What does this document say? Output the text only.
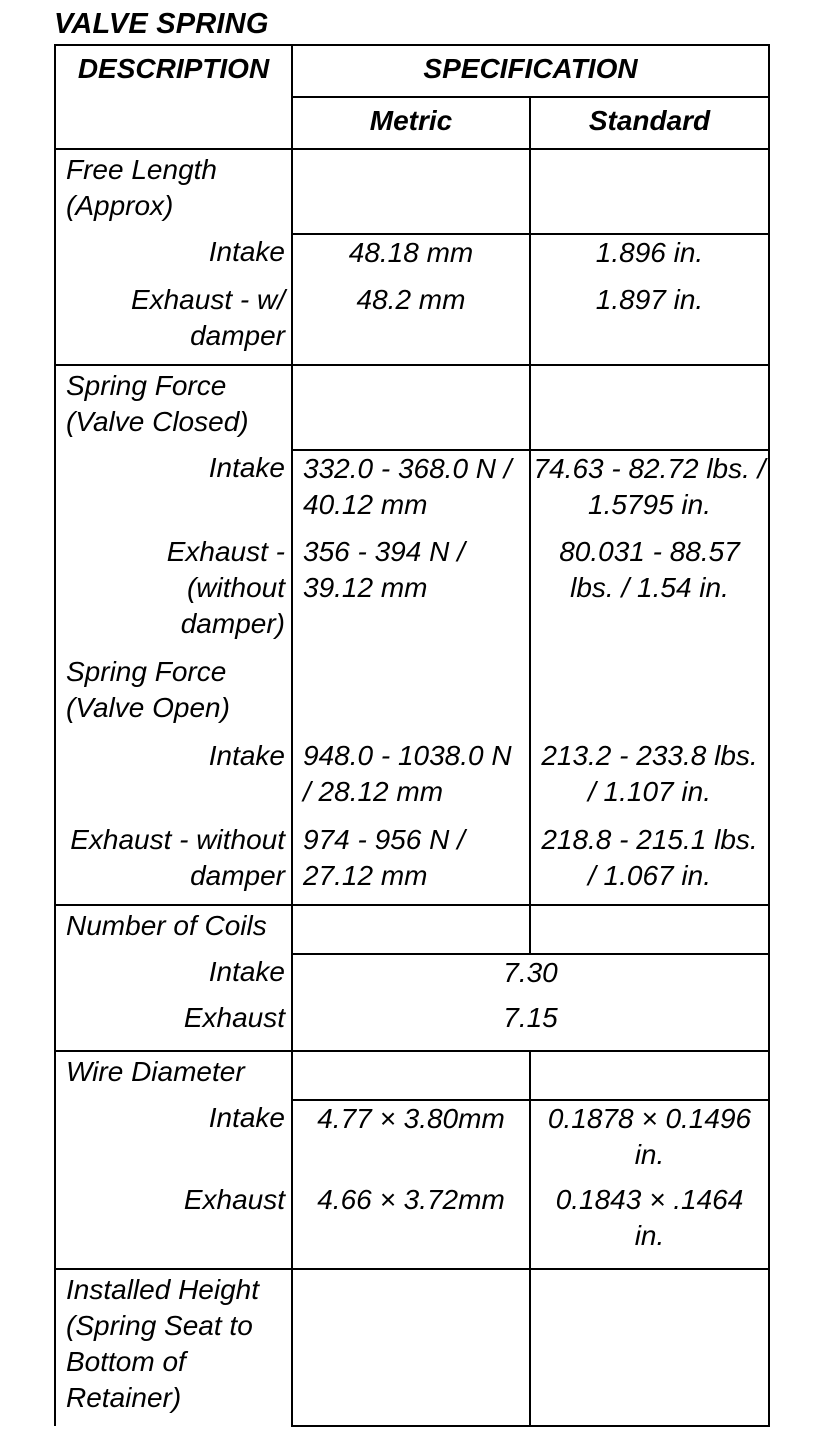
VALVE SPRING
DESCRIPTION	SPECIFICATION	
	Metric	Standard

Free Length (Approx)		

Intake	48.18 mm	1.896 in.

Exhaust - w/ damper	48.2 mm	1.897 in.

Spring Force (Valve Closed)		

Intake	332.0 - 368.0 N / 40.12 mm	74.63 - 82.72 lbs. / 1.5795 in.

Exhaust - (without damper)	356 - 394 N / 39.12 mm	80.031 - 88.57 lbs. / 1.54 in.

Spring Force (Valve Open)		

Intake	948.0 - 1038.0 N / 28.12 mm	213.2 - 233.8 lbs. / 1.107 in.

Exhaust - without damper	974 - 956 N / 27.12 mm	218.8 - 215.1 lbs. / 1.067 in.

Number of Coils		
Intake	7.30	
Exhaust	7.15	
Wire Diameter		
Intake	4.77 × 3.80mm	0.1878 × 0.1496 in.

Exhaust	4.66 × 3.72mm	0.1843 × .1464 in.

Installed Height (Spring Seat to Bottom of Retainer)		
